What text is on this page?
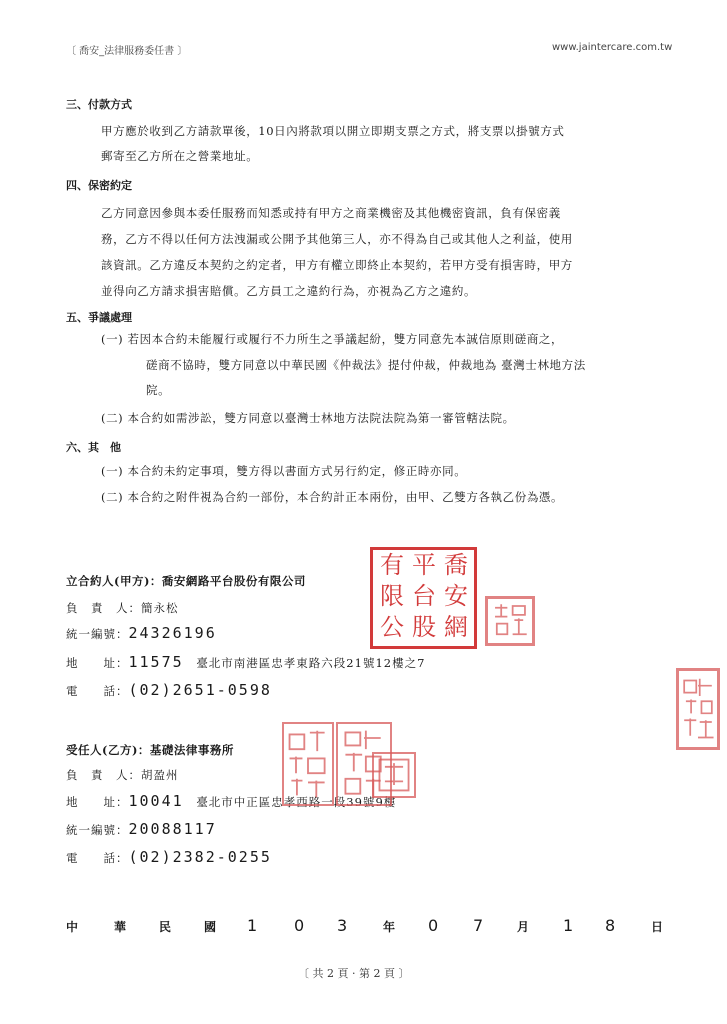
〔 喬安_法律服務委任書 〕	www.jaintercare.com.tw
三、付款方式
甲方應於收到乙方請款單後，10日內將款項以開立即期支票之方式，將支票以掛號方式
郵寄至乙方所在之營業地址。
四、保密約定
乙方同意因參與本委任服務而知悉或持有甲方之商業機密及其他機密資訊，負有保密義
務，乙方不得以任何方法洩漏或公開予其他第三人，亦不得為自己或其他人之利益，使用
該資訊。乙方違反本契約之約定者，甲方有權立即終止本契約，若甲方受有損害時，甲方
並得向乙方請求損害賠償。乙方員工之違約行為，亦視為乙方之違約。
五、爭議處理
(一) 若因本合約未能履行或履行不力所生之爭議起紛，雙方同意先本誠信原則磋商之，
磋商不協時，雙方同意以中華民國《仲裁法》提付仲裁，仲裁地為 臺灣士林地方法
院。
(二) 本合約如需涉訟，雙方同意以臺灣士林地方法院法院為第一審管轄法院。
六、其　他
(一) 本合約未約定事項，雙方得以書面方式另行約定，修正時亦同。
(二) 本合約之附件視為合約一部份，本合約計正本兩份，由甲、乙雙方各執乙份為憑。
立合約人(甲方)：喬安網路平台股份有限公司
負　責　人：簡永松
統一編號：24326196
地　　址：11575 臺北市南港區忠孝東路六段21號12樓之7
電　　話：(02)2651-0598
有 平 喬
限 台 安
公 股 網
受任人(乙方)：基礎法律事務所
負　責　人：胡盈州
地　　址：10041 臺北市中正區忠孝西路一段39號9樓
統一編號：20088117
電　　話：(02)2382-0255
中	華	民	國 1 0 3	年 0 7	月 1 8	日
〔 共 2 頁 · 第 2 頁 〕
